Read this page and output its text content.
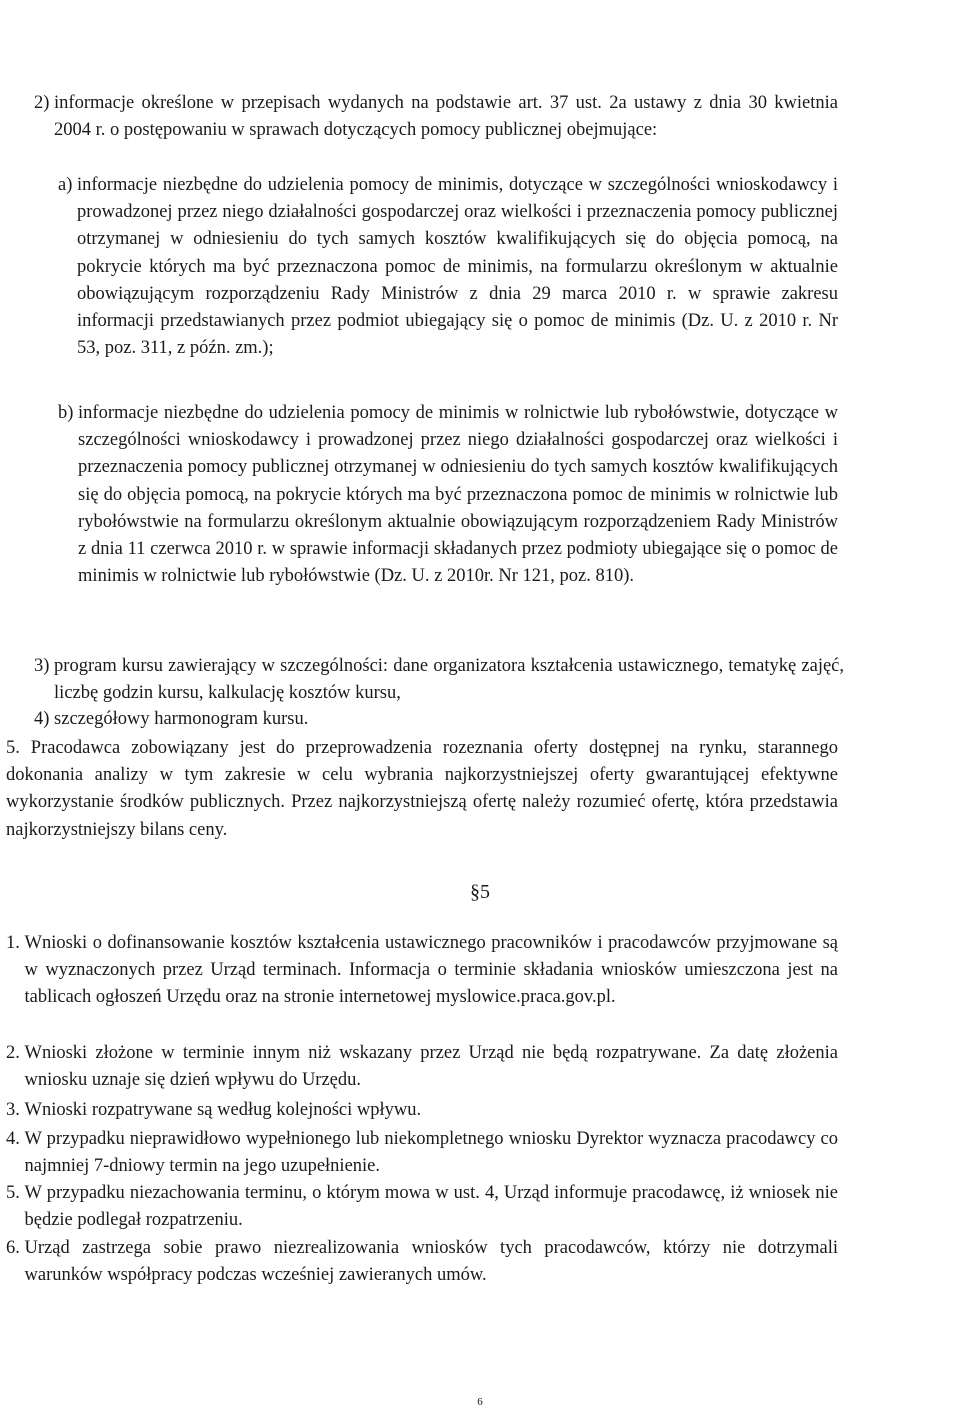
2) informacje określone w przepisach wydanych na podstawie art. 37 ust. 2a ustawy z dnia 30 kwietnia 2004 r. o postępowaniu w sprawach dotyczących pomocy publicznej obejmujące:
a) informacje niezbędne do udzielenia pomocy de minimis, dotyczące w szczególności wnioskodawcy i prowadzonej przez niego działalności gospodarczej oraz wielkości i przeznaczenia pomocy publicznej otrzymanej w odniesieniu do tych samych kosztów kwalifikujących się do objęcia pomocą, na pokrycie których ma być przeznaczona pomoc de minimis, na formularzu określonym w aktualnie obowiązującym rozporządzeniu Rady Ministrów z dnia 29 marca 2010 r. w sprawie zakresu informacji przedstawianych przez podmiot ubiegający się o pomoc de minimis (Dz. U. z 2010 r. Nr 53, poz. 311, z późn. zm.);
b) informacje niezbędne do udzielenia pomocy de minimis w rolnictwie lub rybołówstwie, dotyczące w szczególności wnioskodawcy i prowadzonej przez niego działalności gospodarczej oraz wielkości i przeznaczenia pomocy publicznej otrzymanej w odniesieniu do tych samych kosztów kwalifikujących się do objęcia pomocą, na pokrycie których ma być przeznaczona pomoc de minimis w rolnictwie lub rybołówstwie na formularzu określonym aktualnie obowiązującym rozporządzeniem Rady Ministrów z dnia 11 czerwca 2010 r. w sprawie informacji składanych przez podmioty ubiegające się o pomoc de minimis w rolnictwie lub rybołówstwie (Dz. U. z 2010r. Nr 121, poz. 810).
3) program kursu zawierający w szczególności: dane organizatora kształcenia ustawicznego, tematykę zajęć, liczbę godzin kursu, kalkulację kosztów kursu,
4) szczegółowy harmonogram kursu.

5. Pracodawca zobowiązany jest do przeprowadzenia rozeznania oferty dostępnej na rynku, starannego dokonania analizy w tym zakresie w celu wybrania najkorzystniejszej oferty gwarantującej efektywne wykorzystanie środków publicznych. Przez najkorzystniejszą ofertę należy rozumieć ofertę, która przedstawia najkorzystniejszy bilans ceny.

§5
1. Wnioski o dofinansowanie kosztów kształcenia ustawicznego pracowników i pracodawców przyjmowane są w wyznaczonych przez Urząd terminach. Informacja o terminie składania wniosków umieszczona jest na tablicach ogłoszeń Urzędu oraz na stronie internetowej myslowice.praca.gov.pl.
2. Wnioski złożone w terminie innym niż wskazany przez Urząd nie będą rozpatrywane. Za datę złożenia wniosku uznaje się dzień wpływu do Urzędu.
3. Wnioski rozpatrywane są według kolejności wpływu.
4. W przypadku nieprawidłowo wypełnionego lub niekompletnego wniosku Dyrektor wyznacza pracodawcy co najmniej 7-dniowy termin na jego uzupełnienie.
5. W przypadku niezachowania terminu, o którym mowa w ust. 4, Urząd informuje pracodawcę, iż wniosek nie będzie podlegał rozpatrzeniu.
6. Urząd zastrzega sobie prawo niezrealizowania wniosków tych pracodawców, którzy nie dotrzymali warunków współpracy podczas wcześniej zawieranych umów.
6
